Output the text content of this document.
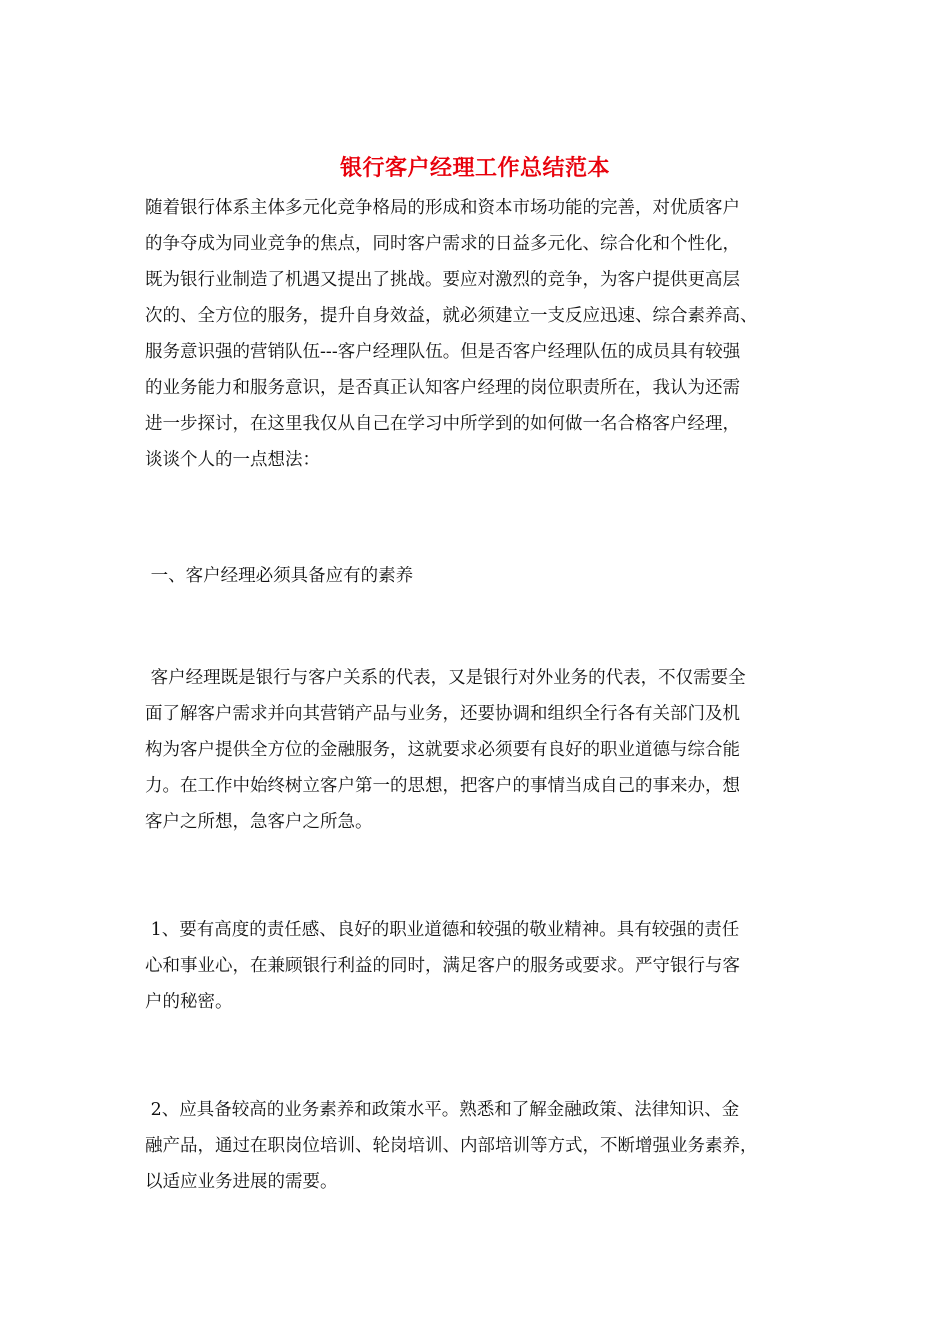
银行客户经理工作总结范本

随着银行体系主体多元化竞争格局的形成和资本市场功能的完善，对优质客户
的争夺成为同业竞争的焦点，同时客户需求的日益多元化、综合化和个性化，
既为银行业制造了机遇又提出了挑战。要应对激烈的竞争，为客户提供更高层
次的、全方位的服务，提升自身效益，就必须建立一支反应迅速、综合素养高、
服务意识强的营销队伍---客户经理队伍。但是否客户经理队伍的成员具有较强
的业务能力和服务意识，是否真正认知客户经理的岗位职责所在，我认为还需
进一步探讨，在这里我仅从自己在学习中所学到的如何做一名合格客户经理，
谈谈个人的一点想法：

一、客户经理必须具备应有的素养

客户经理既是银行与客户关系的代表，又是银行对外业务的代表，不仅需要全
面了解客户需求并向其营销产品与业务，还要协调和组织全行各有关部门及机
构为客户提供全方位的金融服务，这就要求必须要有良好的职业道德与综合能
力。在工作中始终树立客户第一的思想，把客户的事情当成自己的事来办，想
客户之所想，急客户之所急。

1、要有高度的责任感、良好的职业道德和较强的敬业精神。具有较强的责任
心和事业心，在兼顾银行利益的同时，满足客户的服务或要求。严守银行与客
户的秘密。

2、应具备较高的业务素养和政策水平。熟悉和了解金融政策、法律知识、金
融产品，通过在职岗位培训、轮岗培训、内部培训等方式，不断增强业务素养，
以适应业务进展的需要。
